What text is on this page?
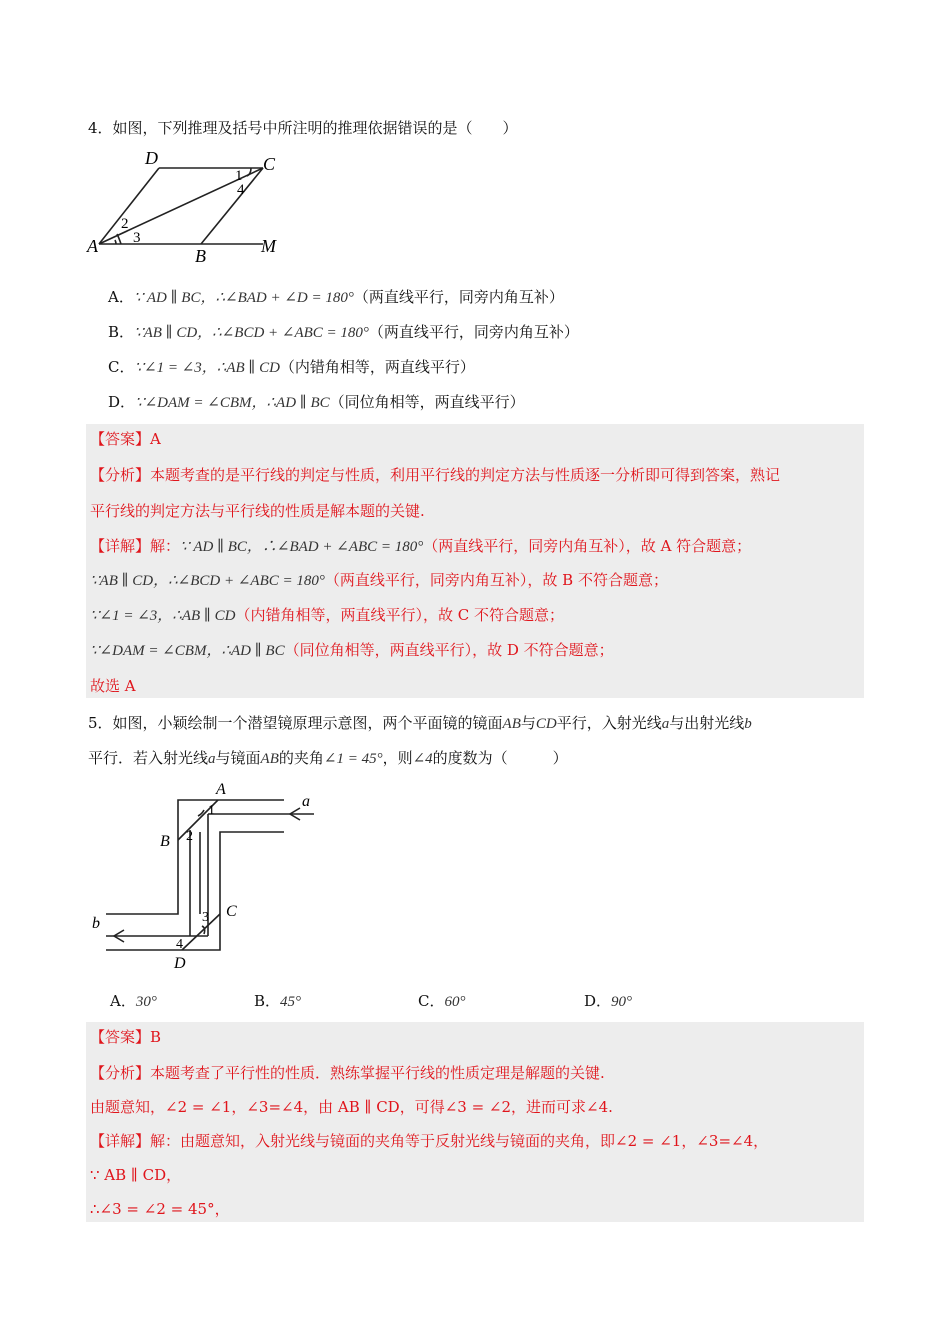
4．如图，下列推理及括号中所注明的推理依据错误的是（　　）
D	C
A	B	M
1
4
2
3
A．∵ AD ∥ BC，∴∠BAD + ∠D = 180°（两直线平行，同旁内角互补）
B．∵AB ∥ CD，∴∠BCD + ∠ABC = 180°（两直线平行，同旁内角互补）
C．∵∠1 = ∠3，∴AB ∥ CD（内错角相等，两直线平行）
D．∵∠DAM = ∠CBM，∴AD ∥ BC（同位角相等，两直线平行）
【答案】A
【分析】本题考查的是平行线的判定与性质，利用平行线的判定方法与性质逐一分析即可得到答案，熟记
平行线的判定方法与平行线的性质是解本题的关键.
【详解】解：∵ AD ∥ BC，∴∠BAD + ∠ABC = 180°（两直线平行，同旁内角互补），故 A 符合题意；
∵AB ∥ CD，∴∠BCD + ∠ABC = 180°（两直线平行，同旁内角互补），故 B 不符合题意；
∵∠1 = ∠3，∴AB ∥ CD（内错角相等，两直线平行），故 C 不符合题意；
∵∠DAM = ∠CBM，∴AD ∥ BC（同位角相等，两直线平行），故 D 不符合题意；
故选 A
5．如图，小颖绘制一个潜望镜原理示意图，两个平面镜的镜面AB与CD平行，入射光线a与出射光线b
平行．若入射光线a与镜面AB的夹角∠1 = 45°，则∠4的度数为（　　　）
A
a
B
1
2
3 C
b
4
D
A．30°	B．45°	C．60°	D．90°
【答案】B
【分析】本题考查了平行性的性质．熟练掌握平行线的性质定理是解题的关键.
由题意知，∠2 = ∠1，∠3=∠4，由 AB ∥ CD，可得∠3 = ∠2，进而可求∠4.
【详解】解：由题意知，入射光线与镜面的夹角等于反射光线与镜面的夹角，即∠2 = ∠1，∠3=∠4，
∵ AB ∥ CD，
∴∠3 = ∠2 = 45°，
